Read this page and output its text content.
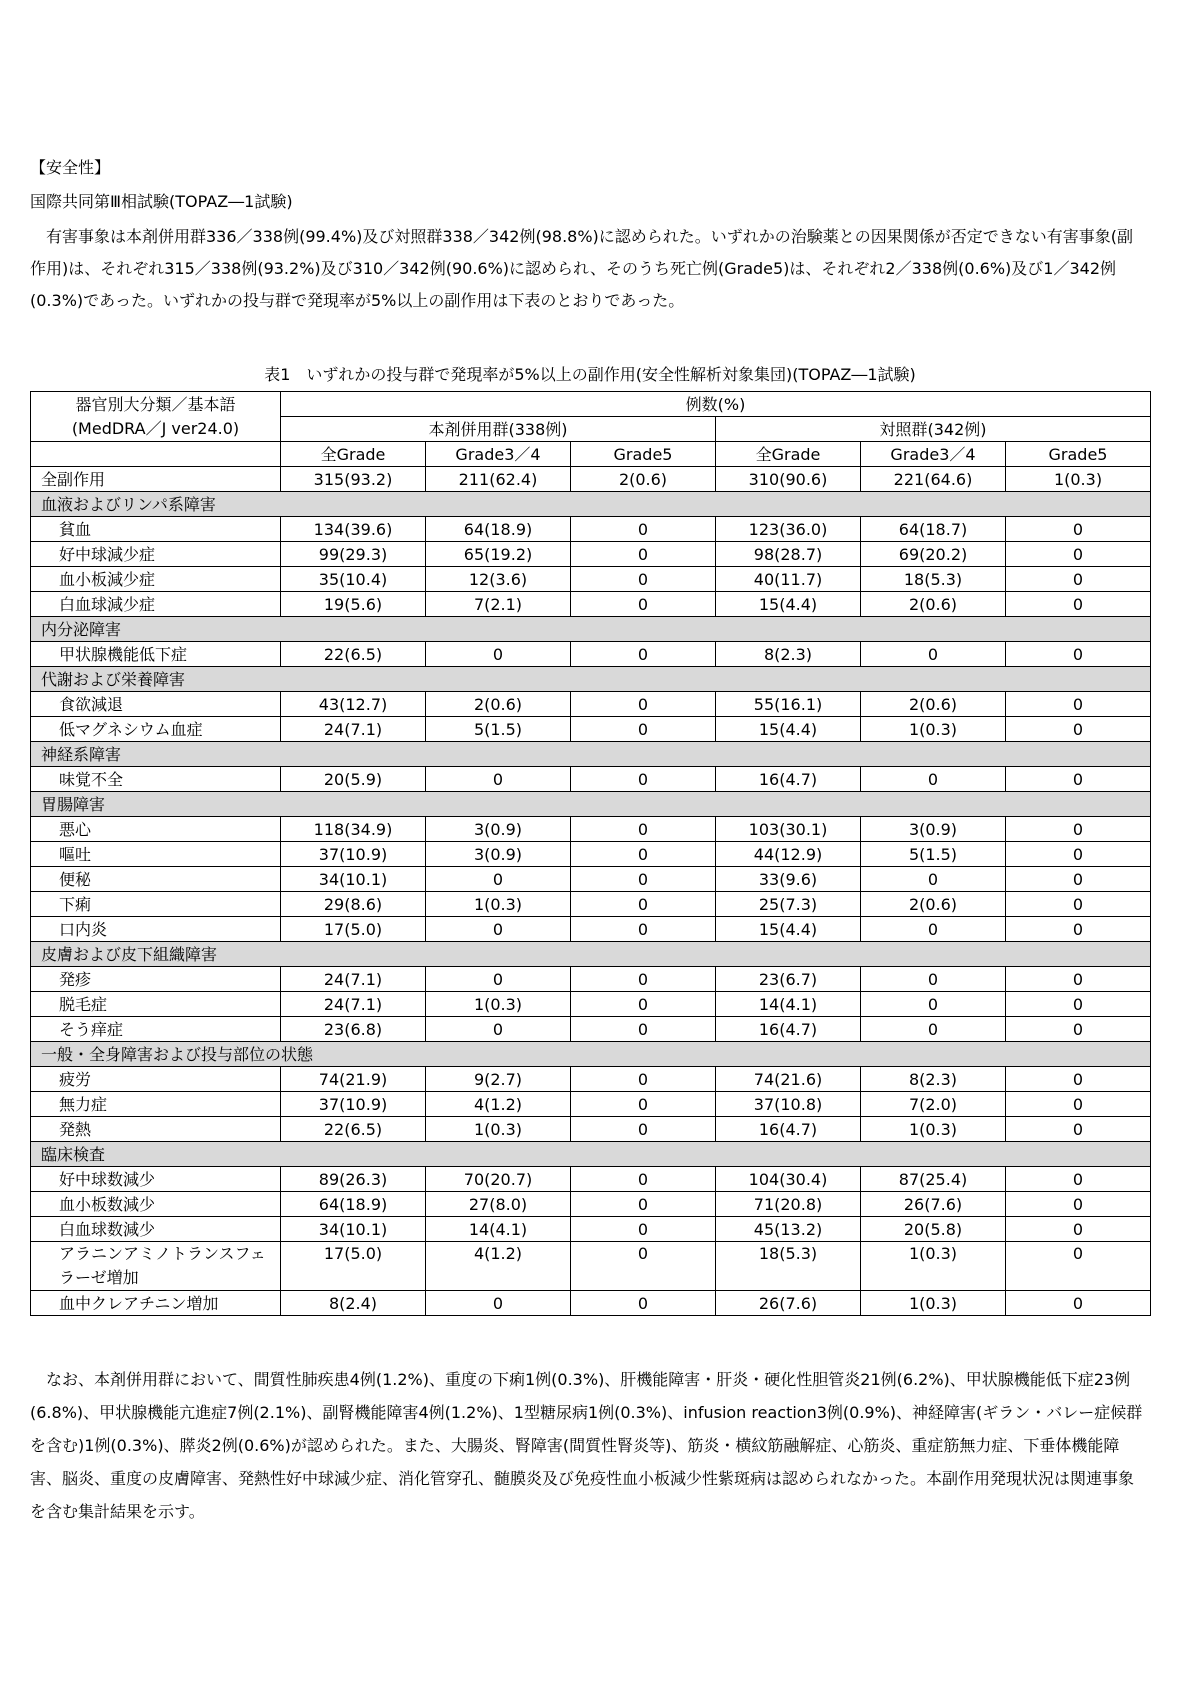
【安全性】
国際共同第Ⅲ相試験(TOPAZ―1試験)
有害事象は本剤併用群336／338例(99.4%)及び対照群338／342例(98.8%)に認められた。いずれかの治験薬との因果関係が否定できない有害事象(副作用)は、それぞれ315／338例(93.2%)及び310／342例(90.6%)に認められ、そのうち死亡例(Grade5)は、それぞれ2／338例(0.6%)及び1／342例(0.3%)であった。いずれかの投与群で発現率が5%以上の副作用は下表のとおりであった。
表1　いずれかの投与群で発現率が5%以上の副作用(安全性解析対象集団)(TOPAZ―1試験)
器官別大分類／基本語
(MedDRA／J ver24.0)	例数(%)					
	本剤併用群(338例)			対照群(342例)		
	全Grade	Grade3／4	Grade5	全Grade	Grade3／4	Grade5
全副作用	315(93.2)	211(62.4)	2(0.6)	310(90.6)	221(64.6)	1(0.3)
血液およびリンパ系障害						
貧血	134(39.6)	64(18.9)	0	123(36.0)	64(18.7)	0
好中球減少症	99(29.3)	65(19.2)	0	98(28.7)	69(20.2)	0
血小板減少症	35(10.4)	12(3.6)	0	40(11.7)	18(5.3)	0
白血球減少症	19(5.6)	7(2.1)	0	15(4.4)	2(0.6)	0
内分泌障害						
甲状腺機能低下症	22(6.5)	0	0	8(2.3)	0	0
代謝および栄養障害						
食欲減退	43(12.7)	2(0.6)	0	55(16.1)	2(0.6)	0
低マグネシウム血症	24(7.1)	5(1.5)	0	15(4.4)	1(0.3)	0
神経系障害						
味覚不全	20(5.9)	0	0	16(4.7)	0	0
胃腸障害						
悪心	118(34.9)	3(0.9)	0	103(30.1)	3(0.9)	0
嘔吐	37(10.9)	3(0.9)	0	44(12.9)	5(1.5)	0
便秘	34(10.1)	0	0	33(9.6)	0	0
下痢	29(8.6)	1(0.3)	0	25(7.3)	2(0.6)	0
口内炎	17(5.0)	0	0	15(4.4)	0	0
皮膚および皮下組織障害						
発疹	24(7.1)	0	0	23(6.7)	0	0
脱毛症	24(7.1)	1(0.3)	0	14(4.1)	0	0
そう痒症	23(6.8)	0	0	16(4.7)	0	0
一般・全身障害および投与部位の状態						
疲労	74(21.9)	9(2.7)	0	74(21.6)	8(2.3)	0
無力症	37(10.9)	4(1.2)	0	37(10.8)	7(2.0)	0
発熱	22(6.5)	1(0.3)	0	16(4.7)	1(0.3)	0
臨床検査						
好中球数減少	89(26.3)	70(20.7)	0	104(30.4)	87(25.4)	0
血小板数減少	64(18.9)	27(8.0)	0	71(20.8)	26(7.6)	0
白血球数減少	34(10.1)	14(4.1)	0	45(13.2)	20(5.8)	0
アラニンアミノトランスフェラーゼ増加	17(5.0)	4(1.2)	0	18(5.3)	1(0.3)	0
血中クレアチニン増加	8(2.4)	0	0	26(7.6)	1(0.3)	0
なお、本剤併用群において、間質性肺疾患4例(1.2%)、重度の下痢1例(0.3%)、肝機能障害・肝炎・硬化性胆管炎21例(6.2%)、甲状腺機能低下症23例(6.8%)、甲状腺機能亢進症7例(2.1%)、副腎機能障害4例(1.2%)、1型糖尿病1例(0.3%)、infusion reaction3例(0.9%)、神経障害(ギラン・バレー症候群を含む)1例(0.3%)、膵炎2例(0.6%)が認められた。また、大腸炎、腎障害(間質性腎炎等)、筋炎・横紋筋融解症、心筋炎、重症筋無力症、下垂体機能障害、脳炎、重度の皮膚障害、発熱性好中球減少症、消化管穿孔、髄膜炎及び免疫性血小板減少性紫斑病は認められなかった。本副作用発現状況は関連事象を含む集計結果を示す。
